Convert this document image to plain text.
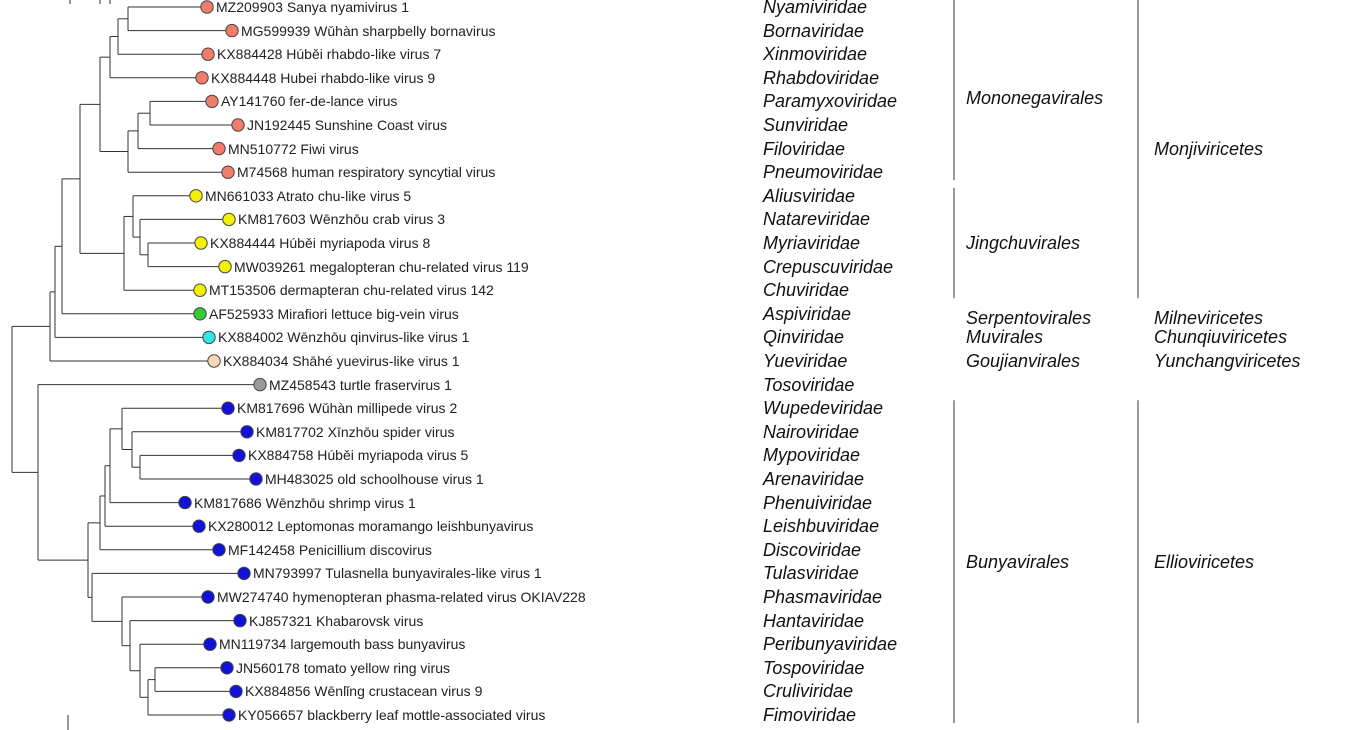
MZ209903 Sanya nyamivirus 1	Nyamiviridae
MG599939 Wǔhàn sharpbelly bornavirus	Bornaviridae
KX884428 Húběi rhabdo-like virus 7	Xinmoviridae
KX884448 Hubei rhabdo-like virus 9	Rhabdoviridae
AY141760 fer-de-lance virus	Paramyxoviridae
JN192445 Sunshine Coast virus	Sunviridae
MN510772 Fiwi virus	Filoviridae
M74568 human respiratory syncytial virus	Pneumoviridae
MN661033 Atrato chu-like virus 5	Aliusviridae
KM817603 Wēnzhōu crab virus 3	Natareviridae
KX884444 Húběi myriapoda virus 8	Myriaviridae
MW039261 megalopteran chu-related virus 119	Crepuscuviridae
MT153506 dermapteran chu-related virus 142	Chuviridae
AF525933 Mirafiori lettuce big-vein virus	Aspiviridae
KX884002 Wēnzhōu qinvirus-like virus 1	Qinviridae
KX884034 Shāhé yuevirus-like virus 1	Yueviridae
MZ458543 turtle fraservirus 1	Tosoviridae
KM817696 Wǔhàn millipede virus 2	Wupedeviridae
KM817702 Xīnzhōu spider virus	Nairoviridae
KX884758 Húběi myriapoda virus 5	Mypoviridae
MH483025 old schoolhouse virus 1	Arenaviridae
KM817686 Wēnzhōu shrimp virus 1	Phenuiviridae
KX280012 Leptomonas moramango leishbunyavirus	Leishbuviridae
MF142458 Penicillium discovirus	Discoviridae
MN793997 Tulasnella bunyavirales-like virus 1	Tulasviridae
MW274740 hymenopteran phasma-related virus OKIAV228	Phasmaviridae
KJ857321 Khabarovsk virus	Hantaviridae
MN119734 largemouth bass bunyavirus	Peribunyaviridae
JN560178 tomato yellow ring virus	Tospoviridae
KX884856 Wēnlǐng crustacean virus 9	Cruliviridae
KY056657 blackberry leaf mottle-associated virus	Fimoviridae
Mononegavirales
Jingchuvirales
Serpentovirales
Muvirales
Goujianvirales
Bunyavirales
Monjiviricetes
Milneviricetes
Chunqiuviricetes
Yunchangviricetes
Ellioviricetes
